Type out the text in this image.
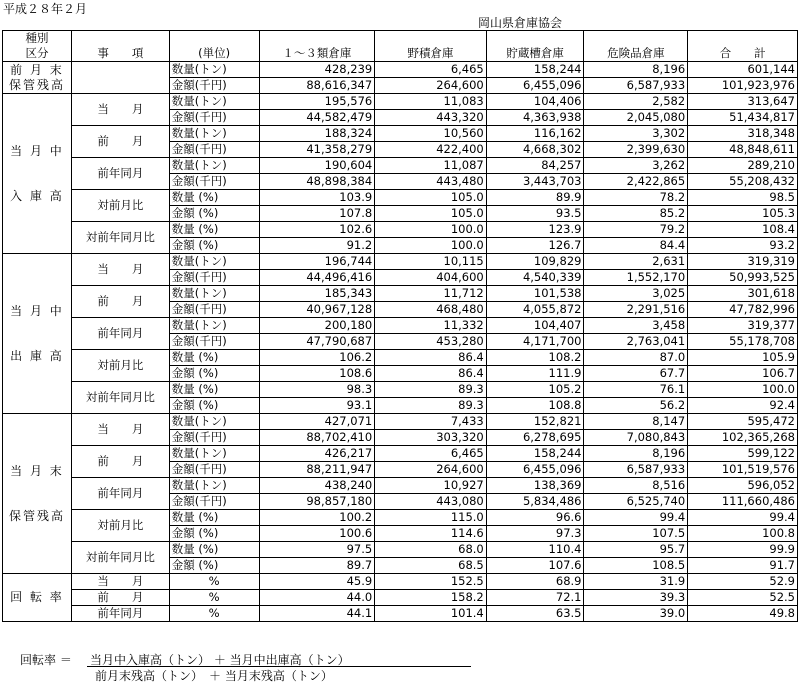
平成２８年２月
岡山県倉庫協会
種別
区分	事　　項	(単位)	１～３類倉庫	野積倉庫	貯蔵槽倉庫	危険品倉庫	合　　計
前 月 末
保管残高		数量(トン)	428,239	6,465	158,244	8,196	601,144
		金額(千円)	88,616,347	264,600	6,455,096	6,587,933	101,923,976
当 月 中

入 庫 高	当　　月	数量(トン)	195,576	11,083	104,406	2,582	313,647
		金額(千円)	44,582,479	443,320	4,363,938	2,045,080	51,434,817
	前　　月	数量(トン)	188,324	10,560	116,162	3,302	318,348
		金額(千円)	41,358,279	422,400	4,668,302	2,399,630	48,848,611
	前年同月	数量(トン)	190,604	11,087	84,257	3,262	289,210
		金額(千円)	48,898,384	443,480	3,443,703	2,422,865	55,208,432
	対前月比	数量 (%)	103.9	105.0	89.9	78.2	98.5
		金額 (%)	107.8	105.0	93.5	85.2	105.3
	対前年同月比	数量 (%)	102.6	100.0	123.9	79.2	108.4
		金額 (%)	91.2	100.0	126.7	84.4	93.2
当 月 中

出 庫 高	当　　月	数量(トン)	196,744	10,115	109,829	2,631	319,319
		金額(千円)	44,496,416	404,600	4,540,339	1,552,170	50,993,525
	前　　月	数量(トン)	185,343	11,712	101,538	3,025	301,618
		金額(千円)	40,967,128	468,480	4,055,872	2,291,516	47,782,996
	前年同月	数量(トン)	200,180	11,332	104,407	3,458	319,377
		金額(千円)	47,790,687	453,280	4,171,700	2,763,041	55,178,708
	対前月比	数量 (%)	106.2	86.4	108.2	87.0	105.9
		金額 (%)	108.6	86.4	111.9	67.7	106.7
	対前年同月比	数量 (%)	98.3	89.3	105.2	76.1	100.0
		金額 (%)	93.1	89.3	108.8	56.2	92.4
当 月 末

保管残高	当　　月	数量(トン)	427,071	7,433	152,821	8,147	595,472
		金額(千円)	88,702,410	303,320	6,278,695	7,080,843	102,365,268
	前　　月	数量(トン)	426,217	6,465	158,244	8,196	599,122
		金額(千円)	88,211,947	264,600	6,455,096	6,587,933	101,519,576
	前年同月	数量(トン)	438,240	10,927	138,369	8,516	596,052
		金額(千円)	98,857,180	443,080	5,834,486	6,525,740	111,660,486
	対前月比	数量 (%)	100.2	115.0	96.6	99.4	99.4
		金額 (%)	100.6	114.6	97.3	107.5	100.8
	対前年同月比	数量 (%)	97.5	68.0	110.4	95.7	99.9
		金額 (%)	89.7	68.5	107.6	108.5	91.7
回 転 率	当　　月	%	45.9	152.5	68.9	31.9	52.9
	前　　月	%	44.0	158.2	72.1	39.3	52.5
	前年同月	%	44.1	101.4	63.5	39.0	49.8
回転率 ＝ 当月中入庫高（トン） ＋ 当月中出庫高（トン）
前月末残高（トン）　＋ 当月末残高（トン）
